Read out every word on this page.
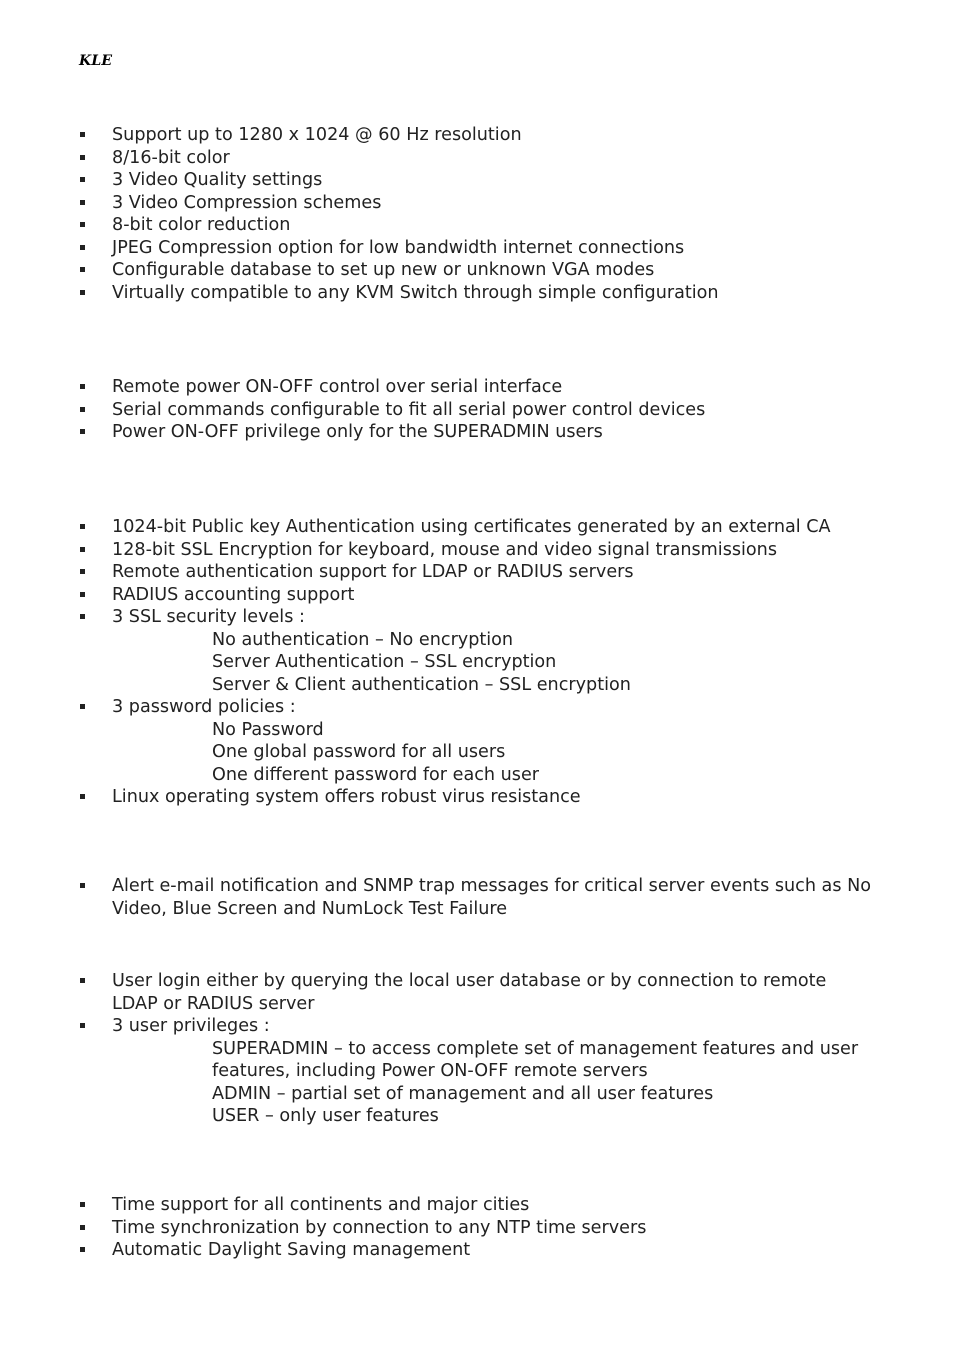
KLE
Support up to 1280 x 1024 @ 60 Hz resolution
8/16-bit color
3 Video Quality settings
3 Video Compression schemes
8-bit color reduction
JPEG Compression option for low bandwidth internet connections
Configurable database to set up new or unknown VGA modes
Virtually compatible to any KVM Switch through simple configuration
Remote power ON-OFF control over serial interface
Serial commands configurable to fit all serial power control devices
Power ON-OFF privilege only for the SUPERADMIN users
1024-bit Public key Authentication using certificates generated by an external CA
128-bit SSL Encryption for keyboard, mouse and video signal transmissions
Remote authentication support for LDAP or RADIUS servers
RADIUS accounting support
3 SSL security levels :
No authentication – No encryption
Server Authentication – SSL encryption
Server & Client authentication – SSL encryption
3 password policies :
No Password
One global password for all users
One different password for each user
Linux operating system offers robust virus resistance
Alert e-mail notification and SNMP trap messages for critical server events such as No Video, Blue Screen and NumLock Test Failure
User login either by querying the local user database or by connection to remote LDAP or RADIUS server
3 user privileges :
SUPERADMIN – to access complete set of management features and user features, including Power ON-OFF remote servers
ADMIN – partial set of management and all user features
USER – only user features
Time support for all continents and major cities
Time synchronization by connection to any NTP time servers
Automatic Daylight Saving management
